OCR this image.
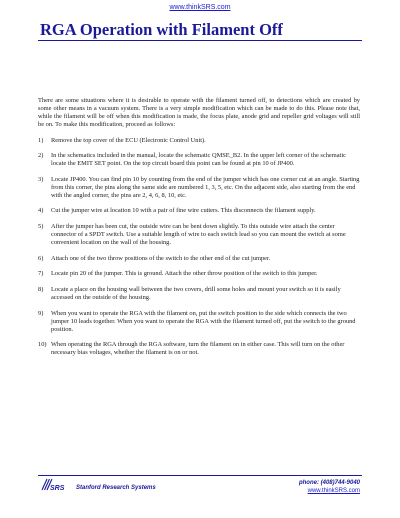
www.thinkSRS.com
RGA Operation with Filament Off

There are some situations where it is desirable to operate with the filament turned off, to detections which are created by some other means in a vacuum system. There is a very simple modification which can be made to do this. Please note that, while the filament will be off when this modification is made, the focus plate, anode grid and repeller grid voltages will still be on. To make this modification, proceed as follows:

1) Remove the top cover of the ECU (Electronic Control Unit).
2) In the schematics included in the manual, locate the schematic QMSE_B2. In the upper left corner of the schematic locate the EMIT SET point. On the top circuit board this point can be found at pin 10 of JP400.
3) Locate JP400. You can find pin 10 by counting from the end of the jumper which has one corner cut at an angle. Starting from this corner, the pins along the same side are numbered 1, 3, 5, etc. On the adjacent side, also starting from the end with the angled corner, the pins are 2, 4, 6, 8, 10, etc.
4) Cut the jumper wire at location 10 with a pair of fine wire cutters. This disconnects the filament supply.
5) After the jumper has been cut, the outside wire can be bent down slightly. To this outside wire attach the center connector of a SPDT switch. Use a suitable length of wire to each switch lead so you can mount the switch at some convenient location on the wall of the housing.
6) Attach one of the two throw positions of the switch to the other end of the cut jumper.
7) Locate pin 20 of the jumper. This is ground. Attach the other throw position of the switch to this jumper.
8) Locate a place on the housing wall between the two covers, drill some holes and mount your switch so it is easily accessed on the outside of the housing.
9) When you want to operate the RGA with the filament on, put the switch position to the side which connects the two jumper 10 leads together. When you want to operate the RGA with the filament turned off, put the switch to the ground position.
10) When operating the RGA through the RGA software, turn the filament on in either case. This will turn on the other necessary bias voltages, whether the filament is on or not.
SRS Stanford Research Systems
phone: (408)744-9040
www.thinkSRS.com
